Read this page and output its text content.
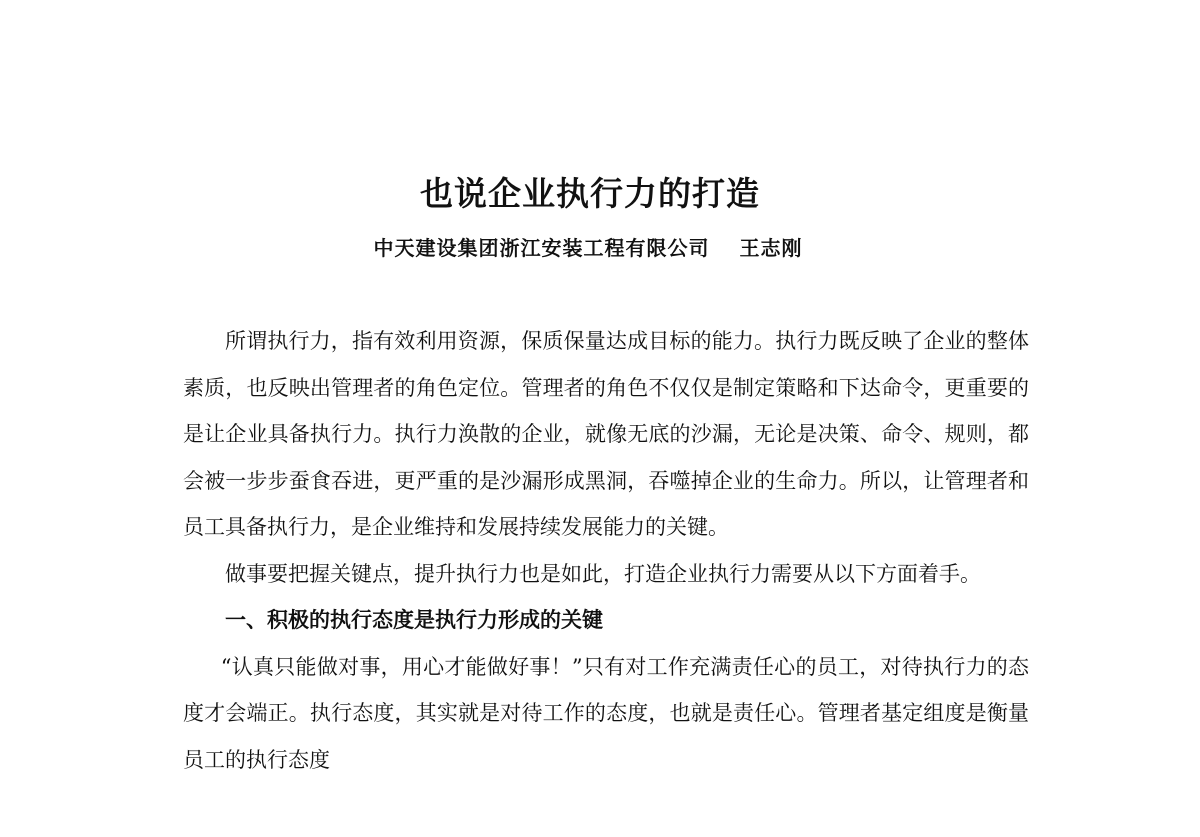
也说企业执行力的打造
中天建设集团浙江安装工程有限公司 王志刚

所谓执行力，指有效利用资源，保质保量达成目标的能力。执行力既反映了企业的整体素质，也反映出管理者的角色定位。管理者的角色不仅仅是制定策略和下达命令，更重要的是让企业具备执行力。执行力涣散的企业，就像无底的沙漏，无论是决策、命令、规则，都会被一步步蚕食吞进，更严重的是沙漏形成黑洞，吞噬掉企业的生命力。所以，让管理者和员工具备执行力，是企业维持和发展持续发展能力的关键。

做事要把握关键点，提升执行力也是如此，打造企业执行力需要从以下方面着手。

一、积极的执行态度是执行力形成的关键

“认真只能做对事，用心才能做好事！”只有对工作充满责任心的员工，对待执行力的态度才会端正。执行态度，其实就是对待工作的态度，也就是责任心。管理者基定组度是衡量员工的执行态度
